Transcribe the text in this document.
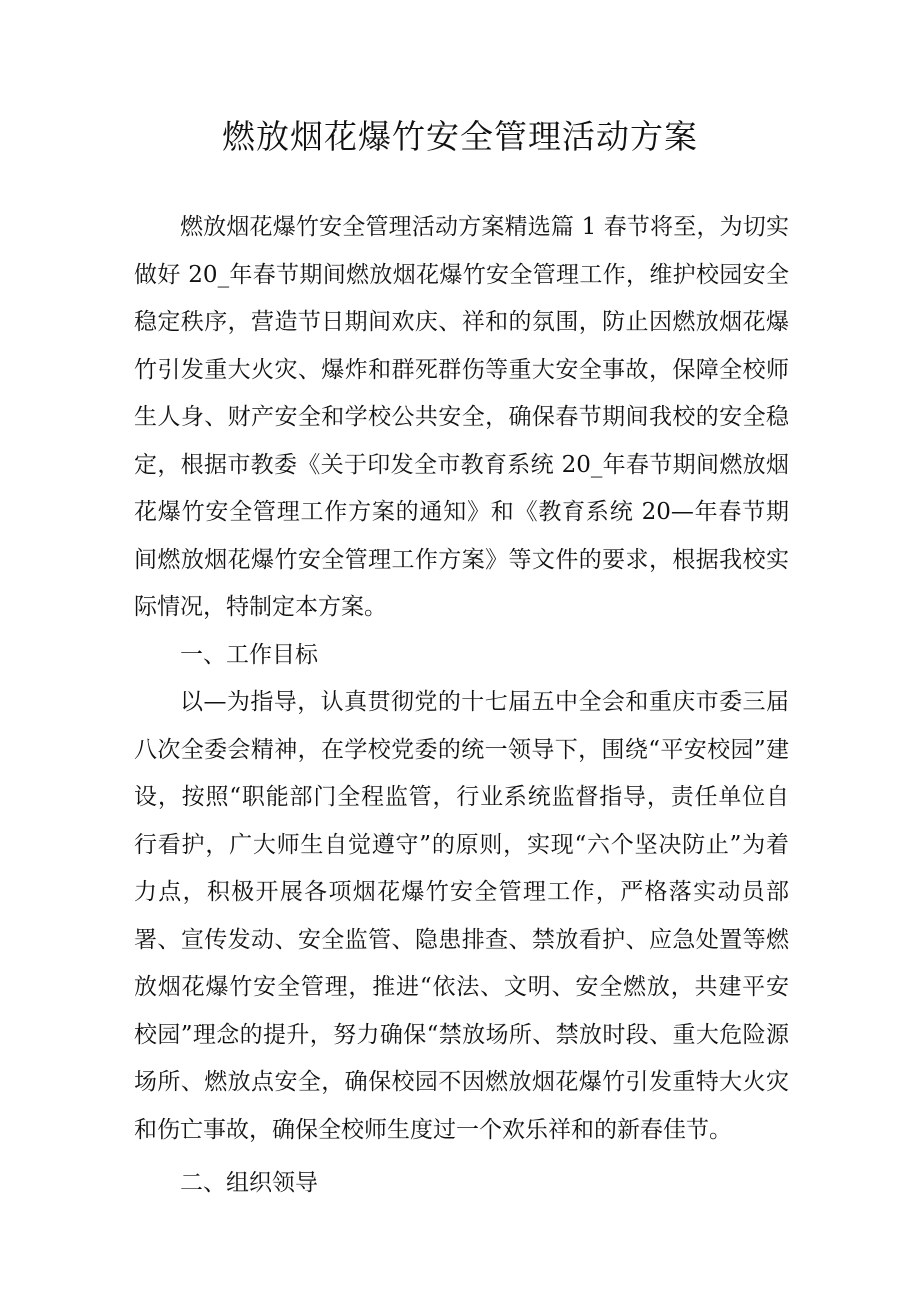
燃放烟花爆竹安全管理活动方案

燃放烟花爆竹安全管理活动方案精选篇 1 春节将至，为切实做好 20_年春节期间燃放烟花爆竹安全管理工作，维护校园安全稳定秩序，营造节日期间欢庆、祥和的氛围，防止因燃放烟花爆竹引发重大火灾、爆炸和群死群伤等重大安全事故，保障全校师生人身、财产安全和学校公共安全，确保春节期间我校的安全稳定，根据市教委《关于印发全市教育系统 20_年春节期间燃放烟花爆竹安全管理工作方案的通知》和《教育系统 20—年春节期间燃放烟花爆竹安全管理工作方案》等文件的要求，根据我校实际情况，特制定本方案。

一、工作目标

以—为指导，认真贯彻党的十七届五中全会和重庆市委三届八次全委会精神，在学校党委的统一领导下，围绕“平安校园”建设，按照“职能部门全程监管，行业系统监督指导，责任单位自行看护，广大师生自觉遵守”的原则，实现“六个坚决防止”为着力点，积极开展各项烟花爆竹安全管理工作，严格落实动员部署、宣传发动、安全监管、隐患排查、禁放看护、应急处置等燃放烟花爆竹安全管理，推进“依法、文明、安全燃放，共建平安校园”理念的提升，努力确保“禁放场所、禁放时段、重大危险源场所、燃放点安全，确保校园不因燃放烟花爆竹引发重特大火灾和伤亡事故，确保全校师生度过一个欢乐祥和的新春佳节。

二、组织领导
